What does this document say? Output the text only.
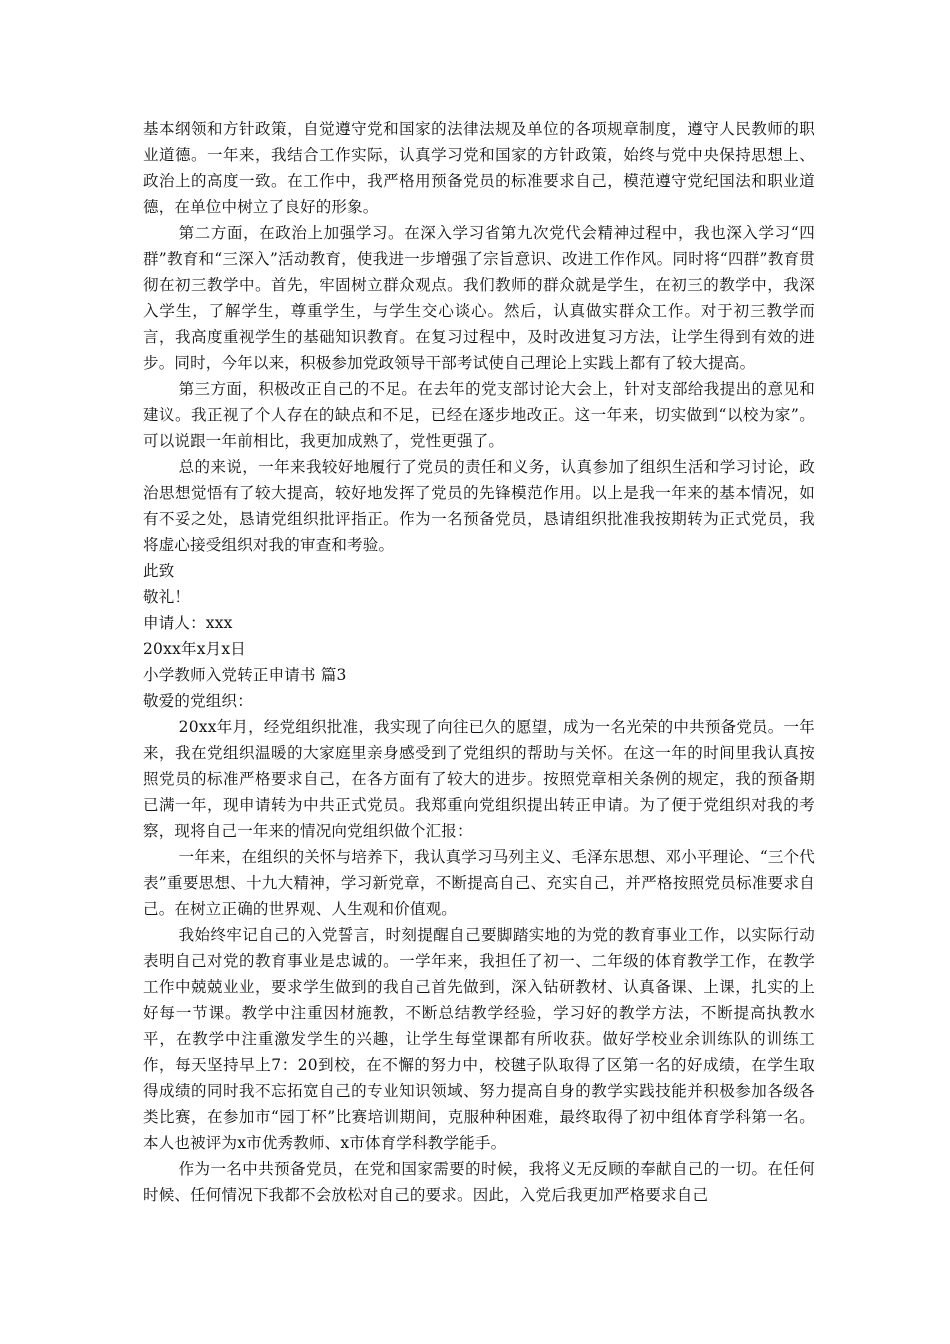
基本纲领和方针政策，自觉遵守党和国家的法律法规及单位的各项规章制度，遵守人民教师的职业道德。一年来，我结合工作实际，认真学习党和国家的方针政策，始终与党中央保持思想上、政治上的高度一致。在工作中，我严格用预备党员的标准要求自己，模范遵守党纪国法和职业道德，在单位中树立了良好的形象。

第二方面，在政治上加强学习。在深入学习省第九次党代会精神过程中，我也深入学习“四群”教育和“三深入”活动教育，使我进一步增强了宗旨意识、改进工作作风。同时将“四群”教育贯彻在初三教学中。首先，牢固树立群众观点。我们教师的群众就是学生，在初三的教学中，我深入学生，了解学生，尊重学生，与学生交心谈心。然后，认真做实群众工作。对于初三教学而言，我高度重视学生的基础知识教育。在复习过程中，及时改进复习方法，让学生得到有效的进步。同时，今年以来，积极参加党政领导干部考试使自己理论上实践上都有了较大提高。

第三方面，积极改正自己的不足。在去年的党支部讨论大会上，针对支部给我提出的意见和建议。我正视了个人存在的缺点和不足，已经在逐步地改正。这一年来，切实做到“以校为家”。可以说跟一年前相比，我更加成熟了，党性更强了。

总的来说，一年来我较好地履行了党员的责任和义务，认真参加了组织生活和学习讨论，政治思想觉悟有了较大提高，较好地发挥了党员的先锋模范作用。以上是我一年来的基本情况，如有不妥之处，恳请党组织批评指正。作为一名预备党员，恳请组织批准我按期转为正式党员，我将虚心接受组织对我的审查和考验。

此致

敬礼！

申请人：xxx

20xx年x月x日

小学教师入党转正申请书 篇3

敬爱的党组织：

20xx年月，经党组织批准，我实现了向往已久的愿望，成为一名光荣的中共预备党员。一年来，我在党组织温暖的大家庭里亲身感受到了党组织的帮助与关怀。在这一年的时间里我认真按照党员的标准严格要求自己，在各方面有了较大的进步。按照党章相关条例的规定，我的预备期已满一年，现申请转为中共正式党员。我郑重向党组织提出转正申请。为了便于党组织对我的考察，现将自己一年来的情况向党组织做个汇报：

一年来，在组织的关怀与培养下，我认真学习马列主义、毛泽东思想、邓小平理论、“三个代表”重要思想、十九大精神，学习新党章，不断提高自己、充实自己，并严格按照党员标准要求自己。在树立正确的世界观、人生观和价值观。

我始终牢记自己的入党誓言，时刻提醒自己要脚踏实地的为党的教育事业工作，以实际行动表明自己对党的教育事业是忠诚的。一学年来，我担任了初一、二年级的体育教学工作，在教学工作中兢兢业业，要求学生做到的我自己首先做到，深入钻研教材、认真备课、上课，扎实的上好每一节课。教学中注重因材施教，不断总结教学经验，学习好的教学方法，不断提高执教水平，在教学中注重激发学生的兴趣，让学生每堂课都有所收获。做好学校业余训练队的训练工作，每天坚持早上7：20到校，在不懈的努力中，校毽子队取得了区第一名的好成绩，在学生取得成绩的同时我不忘拓宽自己的专业知识领域、努力提高自身的教学实践技能并积极参加各级各类比赛，在参加市“园丁杯”比赛培训期间，克服种种困难，最终取得了初中组体育学科第一名。本人也被评为x市优秀教师、x市体育学科教学能手。

作为一名中共预备党员，在党和国家需要的时候，我将义无反顾的奉献自己的一切。在任何时候、任何情况下我都不会放松对自己的要求。因此，入党后我更加严格要求自己
